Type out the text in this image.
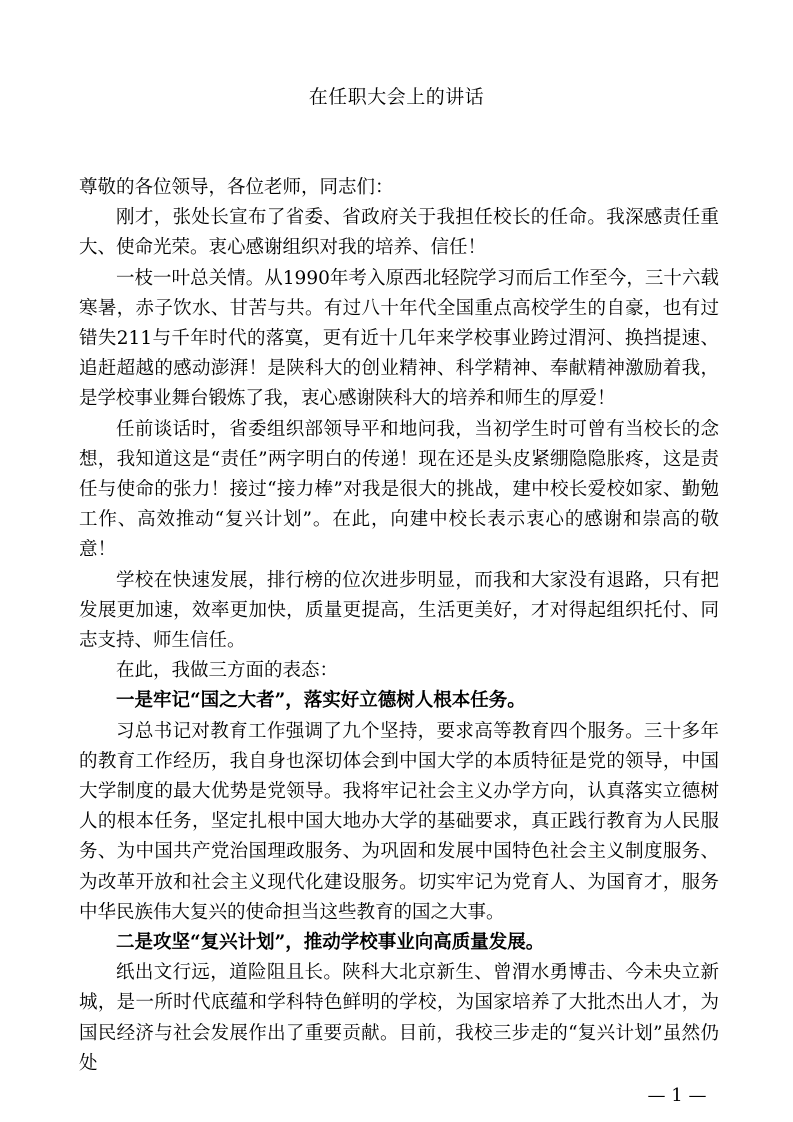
在任职大会上的讲话

尊敬的各位领导，各位老师，同志们：

刚才，张处长宣布了省委、省政府关于我担任校长的任命。我深感责任重大、使命光荣。衷心感谢组织对我的培养、信任！

一枝一叶总关情。从1990年考入原西北轻院学习而后工作至今，三十六载寒暑，赤子饮水、甘苦与共。有过八十年代全国重点高校学生的自豪，也有过错失211与千年时代的落寞，更有近十几年来学校事业跨过渭河、换挡提速、追赶超越的感动澎湃！是陕科大的创业精神、科学精神、奉献精神激励着我，是学校事业舞台锻炼了我，衷心感谢陕科大的培养和师生的厚爱！

任前谈话时，省委组织部领导平和地问我，当初学生时可曾有当校长的念想，我知道这是“责任”两字明白的传递！现在还是头皮紧绷隐隐胀疼，这是责任与使命的张力！接过“接力棒”对我是很大的挑战，建中校长爱校如家、勤勉工作、高效推动“复兴计划”。在此，向建中校长表示衷心的感谢和崇高的敬意！

学校在快速发展，排行榜的位次进步明显，而我和大家没有退路，只有把发展更加速，效率更加快，质量更提高，生活更美好，才对得起组织托付、同志支持、师生信任。

在此，我做三方面的表态：

一是牢记“国之大者”，落实好立德树人根本任务。

习总书记对教育工作强调了九个坚持，要求高等教育四个服务。三十多年的教育工作经历，我自身也深切体会到中国大学的本质特征是党的领导，中国大学制度的最大优势是党领导。我将牢记社会主义办学方向，认真落实立德树人的根本任务，坚定扎根中国大地办大学的基础要求，真正践行教育为人民服务、为中国共产党治国理政服务、为巩固和发展中国特色社会主义制度服务、为改革开放和社会主义现代化建设服务。切实牢记为党育人、为国育才，服务中华民族伟大复兴的使命担当这些教育的国之大事。

二是攻坚“复兴计划”，推动学校事业向高质量发展。

纸出文行远，道险阻且长。陕科大北京新生、曾渭水勇博击、今未央立新城，是一所时代底蕴和学科特色鲜明的学校，为国家培养了大批杰出人才，为国民经济与社会发展作出了重要贡献。目前，我校三步走的“复兴计划”虽然仍处

— 1 —
